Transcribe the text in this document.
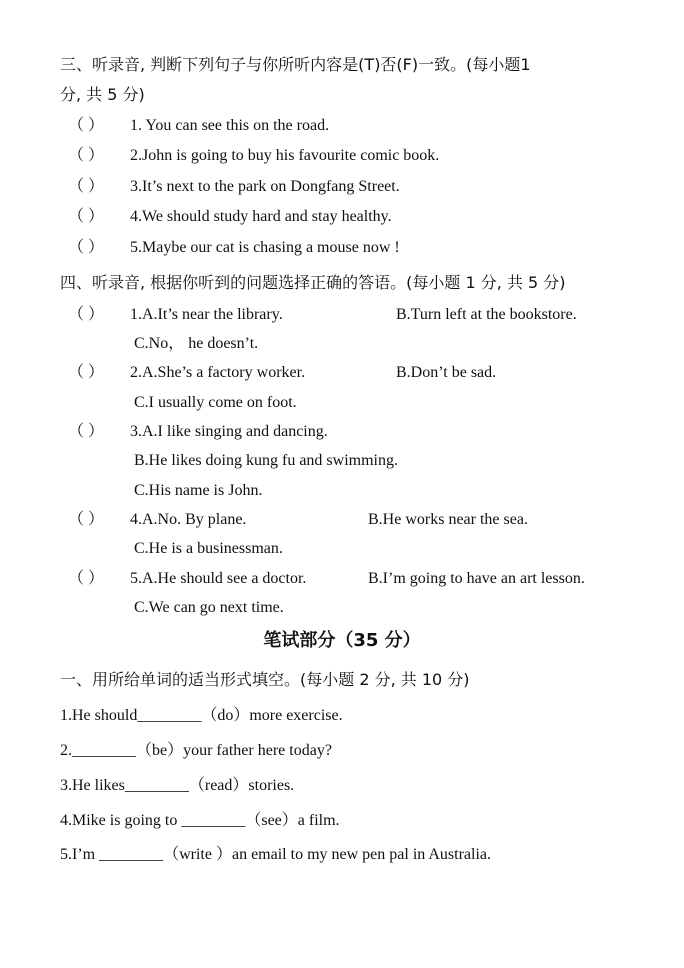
三、听录音, 判断下列句子与你所听内容是(T)否(F)一致。(每小题1
分, 共 5 分)
（ ） 1. You can see this on the road.
（ ） 2.John is going to buy his favourite comic book.
（ ） 3.It’s next to the park on Dongfang Street.
（ ） 4.We should study hard and stay healthy.
（ ） 5.Maybe our cat is chasing a mouse now !
四、听录音, 根据你听到的问题选择正确的答语。(每小题 1 分, 共 5 分)
（ ） 1.A.It’s near the library.	B.Turn left at the bookstore.
C.No， he doesn’t.
（ ） 2.A.She’s a factory worker.	B.Don’t be sad.
C.I usually come on foot.
（ ） 3.A.I like singing and dancing.
B.He likes doing kung fu and swimming.
C.His name is John.
（ ） 4.A.No. By plane.	B.He works near the sea.
C.He is a businessman.
（ ） 5.A.He should see a doctor.	B.I’m going to have an art lesson.
C.We can go next time.
笔试部分（35 分）
一、用所给单词的适当形式填空。(每小题 2 分, 共 10 分)
1.He should________（do）more exercise.
2.________（be）your father here today?
3.He likes________（read）stories.
4.Mike is going to ________（see）a film.
5.I’m ________（write ）an email to my new pen pal in Australia.
